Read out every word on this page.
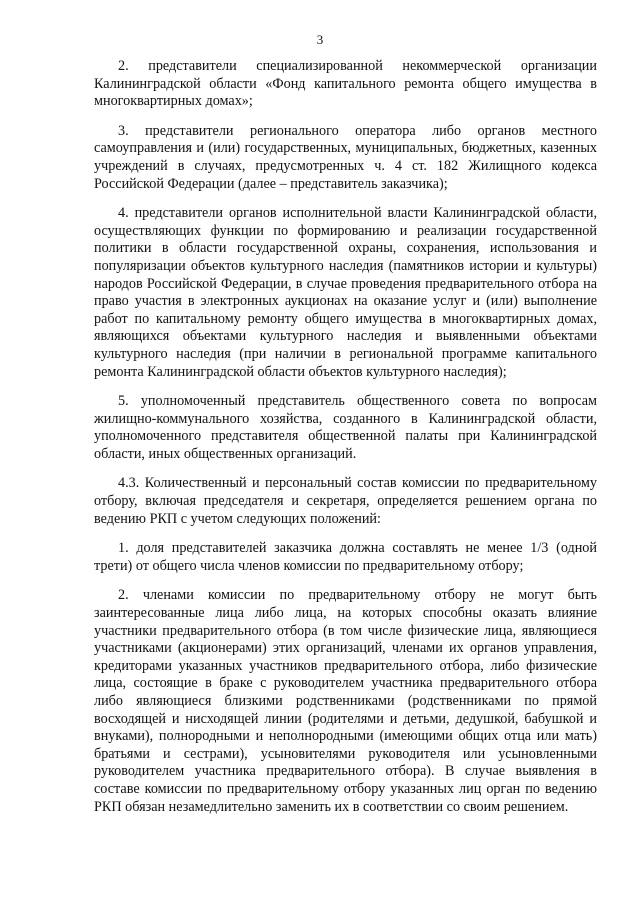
3

2. представители специализированной некоммерческой организации Калининградской области «Фонд капитального ремонта общего имущества в многоквартирных домах»;

3. представители регионального оператора либо органов местного самоуправления и (или) государственных, муниципальных, бюджетных, казенных учреждений в случаях, предусмотренных ч. 4 ст. 182 Жилищного кодекса Российской Федерации (далее – представитель заказчика);

4. представители органов исполнительной власти Калининградской области, осуществляющих функции по формированию и реализации государственной политики в области государственной охраны, сохранения, использования и популяризации объектов культурного наследия (памятников истории и культуры) народов Российской Федерации, в случае проведения предварительного отбора на право участия в электронных аукционах на оказание услуг и (или) выполнение работ по капитальному ремонту общего имущества в многоквартирных домах, являющихся объектами культурного наследия и выявленными объектами культурного наследия (при наличии в региональной программе капитального ремонта Калининградской области объектов культурного наследия);

5. уполномоченный представитель общественного совета по вопросам жилищно-коммунального хозяйства, созданного в Калининградской области, уполномоченного представителя общественной палаты при Калининградской области, иных общественных организаций.

4.3. Количественный и персональный состав комиссии по предварительному отбору, включая председателя и секретаря, определяется решением органа по ведению РКП с учетом следующих положений:

1. доля представителей заказчика должна составлять не менее 1/3 (одной трети) от общего числа членов комиссии по предварительному отбору;

2. членами комиссии по предварительному отбору не могут быть заинтересованные лица либо лица, на которых способны оказать влияние участники предварительного отбора (в том числе физические лица, являющиеся участниками (акционерами) этих организаций, членами их органов управления, кредиторами указанных участников предварительного отбора, либо физические лица, состоящие в браке с руководителем участника предварительного отбора либо являющиеся близкими родственниками (родственниками по прямой восходящей и нисходящей линии (родителями и детьми, дедушкой, бабушкой и внуками), полнородными и неполнородными (имеющими общих отца или мать) братьями и сестрами), усыновителями руководителя или усыновленными руководителем участника предварительного отбора). В случае выявления в составе комиссии по предварительному отбору указанных лиц орган по ведению РКП обязан незамедлительно заменить их в соответствии со своим решением.
